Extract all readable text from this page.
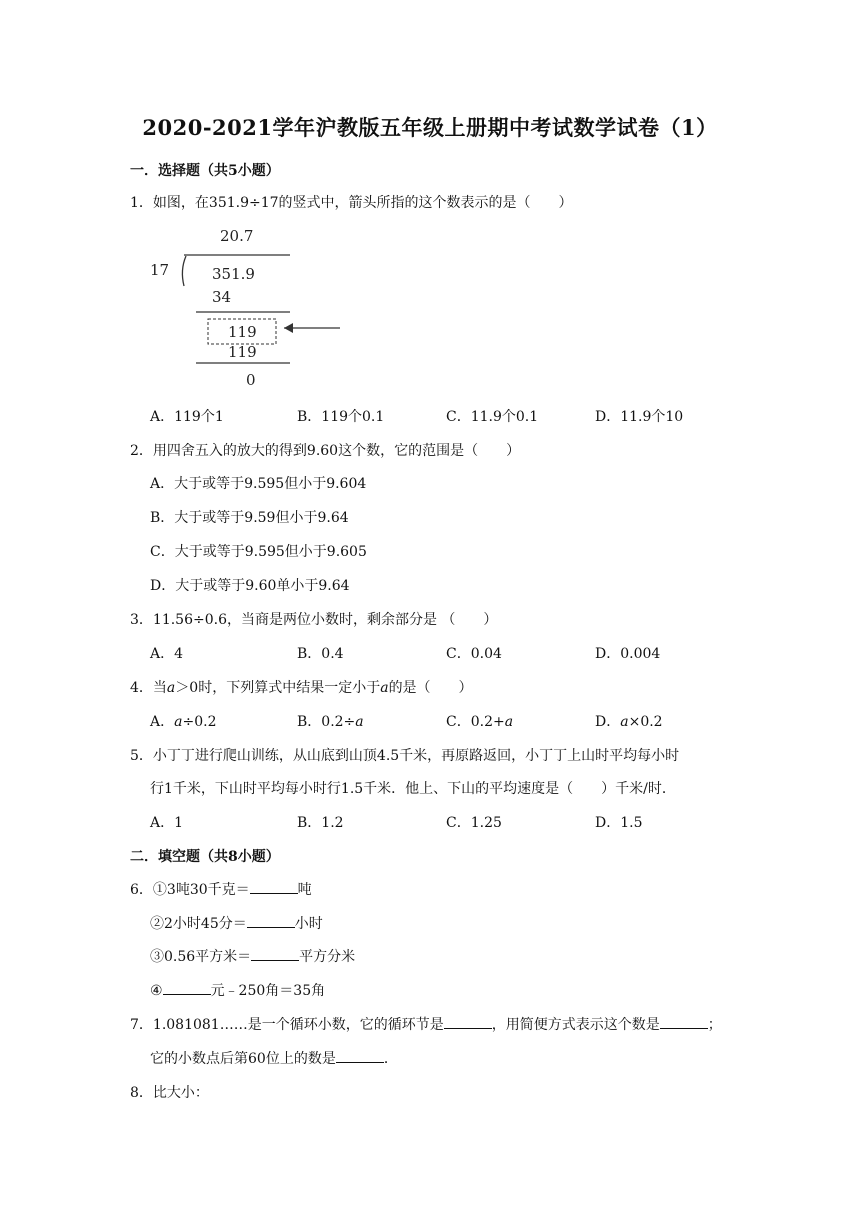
2020-2021学年沪教版五年级上册期中考试数学试卷（1）
一．选择题（共5小题）
1．如图，在351.9÷17的竖式中，箭头所指的这个数表示的是（　　）
20.7
17	351.9
34
119
119
0
A．119个1	B．119个0.1	C．11.9个0.1	D．11.9个10
2．用四舍五入的放大的得到9.60这个数，它的范围是（　　）
A．大于或等于9.595但小于9.604
B．大于或等于9.59但小于9.64
C．大于或等于9.595但小于9.605
D．大于或等于9.60单小于9.64
3．11.56÷0.6，当商是两位小数时，剩余部分是 （　　）
A．4	B．0.4	C．0.04	D．0.004
4．当a＞0时，下列算式中结果一定小于a的是（　　）
A．a÷0.2	B．0.2÷a	C．0.2+a	D．a×0.2
5．小丁丁进行爬山训练，从山底到山顶4.5千米，再原路返回，小丁丁上山时平均每小时
行1千米，下山时平均每小时行1.5千米．他上、下山的平均速度是（　　）千米/时．
A．1	B．1.2	C．1.25	D．1.5
二．填空题（共8小题）
6．①3吨30千克＝	吨
②2小时45分＝	小时
③0.56平方米＝	平方分米
④	元﹣250角＝35角
7．1.081081……是一个循环小数，它的循环节是	，用简便方式表示这个数是	；
它的小数点后第60位上的数是	．
8．比大小：
